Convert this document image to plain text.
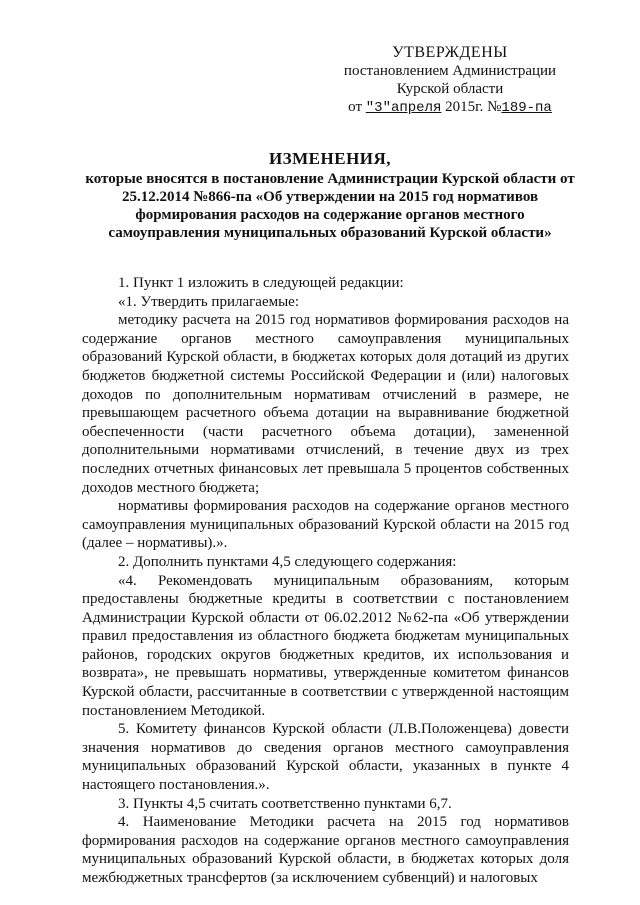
УТВЕРЖДЕНЫ
постановлением Администрации
Курской области
от "3"апреля 2015г. №189-па
ИЗМЕНЕНИЯ,
которые вносятся в постановление Администрации Курской области от 25.12.2014 №866-па «Об утверждении на 2015 год нормативов формирования расходов на содержание органов местного самоуправления муниципальных образований Курской области»

1. Пункт 1 изложить в следующей редакции:

«1. Утвердить прилагаемые:

методику расчета на 2015 год нормативов формирования расходов на содержание органов местного самоуправления муниципальных образований Курской области, в бюджетах которых доля дотаций из других бюджетов бюджетной системы Российской Федерации и (или) налоговых доходов по дополнительным нормативам отчислений в размере, не превышающем расчетного объема дотации на выравнивание бюджетной обеспеченности (части расчетного объема дотации), замененной дополнительными нормативами отчислений, в течение двух из трех последних отчетных финансовых лет превышала 5 процентов собственных доходов местного бюджета;

нормативы формирования расходов на содержание органов местного самоуправления муниципальных образований Курской области на 2015 год (далее – нормативы).».

2. Дополнить пунктами 4,5 следующего содержания:

«4. Рекомендовать муниципальным образованиям, которым предоставлены бюджетные кредиты в соответствии с постановлением Администрации Курской области от 06.02.2012 №62-па «Об утверждении правил предоставления из областного бюджета бюджетам муниципальных районов, городских округов бюджетных кредитов, их использования и возврата», не превышать нормативы, утвержденные комитетом финансов Курской области, рассчитанные в соответствии с утвержденной настоящим постановлением Методикой.

5. Комитету финансов Курской области (Л.В.Положенцева) довести значения нормативов до сведения органов местного самоуправления муниципальных образований Курской области, указанных в пункте 4 настоящего постановления.».

3. Пункты 4,5 считать соответственно пунктами 6,7.

4. Наименование Методики расчета на 2015 год нормативов формирования расходов на содержание органов местного самоуправления муниципальных образований Курской области, в бюджетах которых доля межбюджетных трансфертов (за исключением субвенций) и налоговых
